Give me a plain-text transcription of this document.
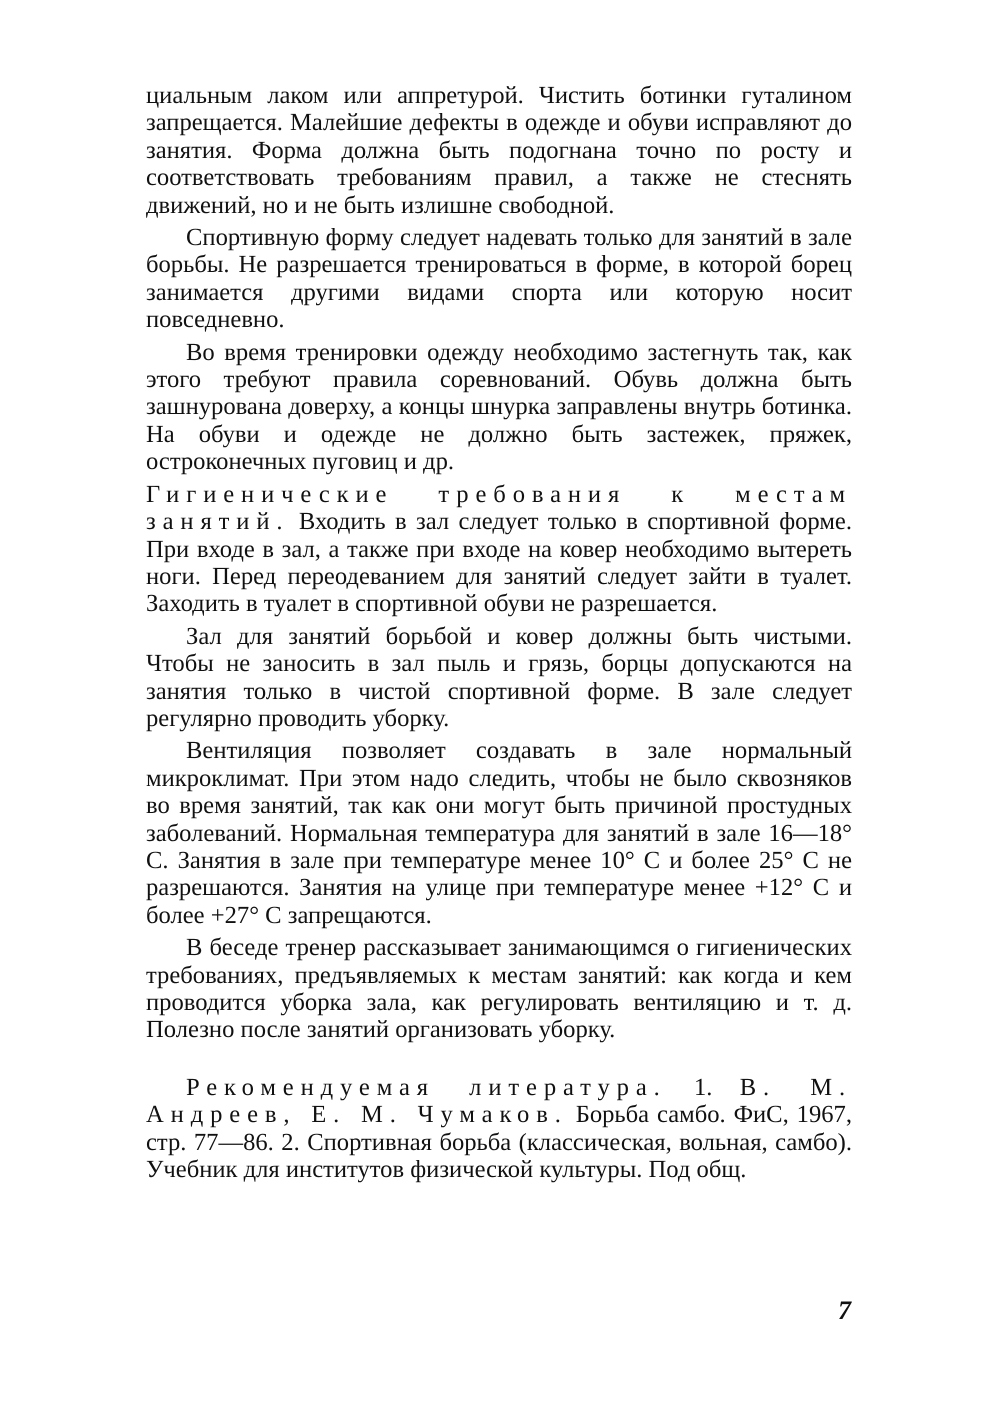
циальным лаком или аппретурой. Чистить ботинки гуталином запрещается. Малейшие дефекты в одежде и обуви исправляют до занятия. Форма должна быть подогнана точно по росту и соответствовать требованиям правил, а также не стеснять движений, но и не быть излишне свободной.

Спортивную форму следует надевать только для занятий в зале борьбы. Не разрешается тренироваться в форме, в которой борец занимается другими видами спорта или которую носит повседневно.

Во время тренировки одежду необходимо застегнуть так, как этого требуют правила соревнований. Обувь должна быть зашнурована доверху, а концы шнурка заправлены внутрь ботинка. На обуви и одежде не должно быть застежек, пряжек, остроконечных пуговиц и др.

Гигиенические требования к местам занятий. Входить в зал следует только в спортивной форме. При входе в зал, а также при входе на ковер необходимо вытереть ноги. Перед переодеванием для занятий следует зайти в туалет. Заходить в туалет в спортивной обуви не разрешается.

Зал для занятий борьбой и ковер должны быть чистыми. Чтобы не заносить в зал пыль и грязь, борцы допускаются на занятия только в чистой спортивной форме. В зале следует регулярно проводить уборку.

Вентиляция позволяет создавать в зале нормальный микроклимат. При этом надо следить, чтобы не было сквозняков во время занятий, так как они могут быть причиной простудных заболеваний. Нормальная температура для занятий в зале 16—18° С. Занятия в зале при температуре менее 10° С и более 25° С не разрешаются. Занятия на улице при температуре менее +12° С и более +27° С запрещаются.

В беседе тренер рассказывает занимающимся о гигиенических требованиях, предъявляемых к местам занятий: как когда и кем проводится уборка зала, как регулировать вентиляцию и т. д. Полезно после занятий организовать уборку.

Рекомендуемая литература. 1. В. М. Андреев, Е. М. Чумаков. Борьба самбо. ФиС, 1967, стр. 77—86. 2. Спортивная борьба (классическая, вольная, самбо). Учебник для институтов физической культуры. Под общ.

7
